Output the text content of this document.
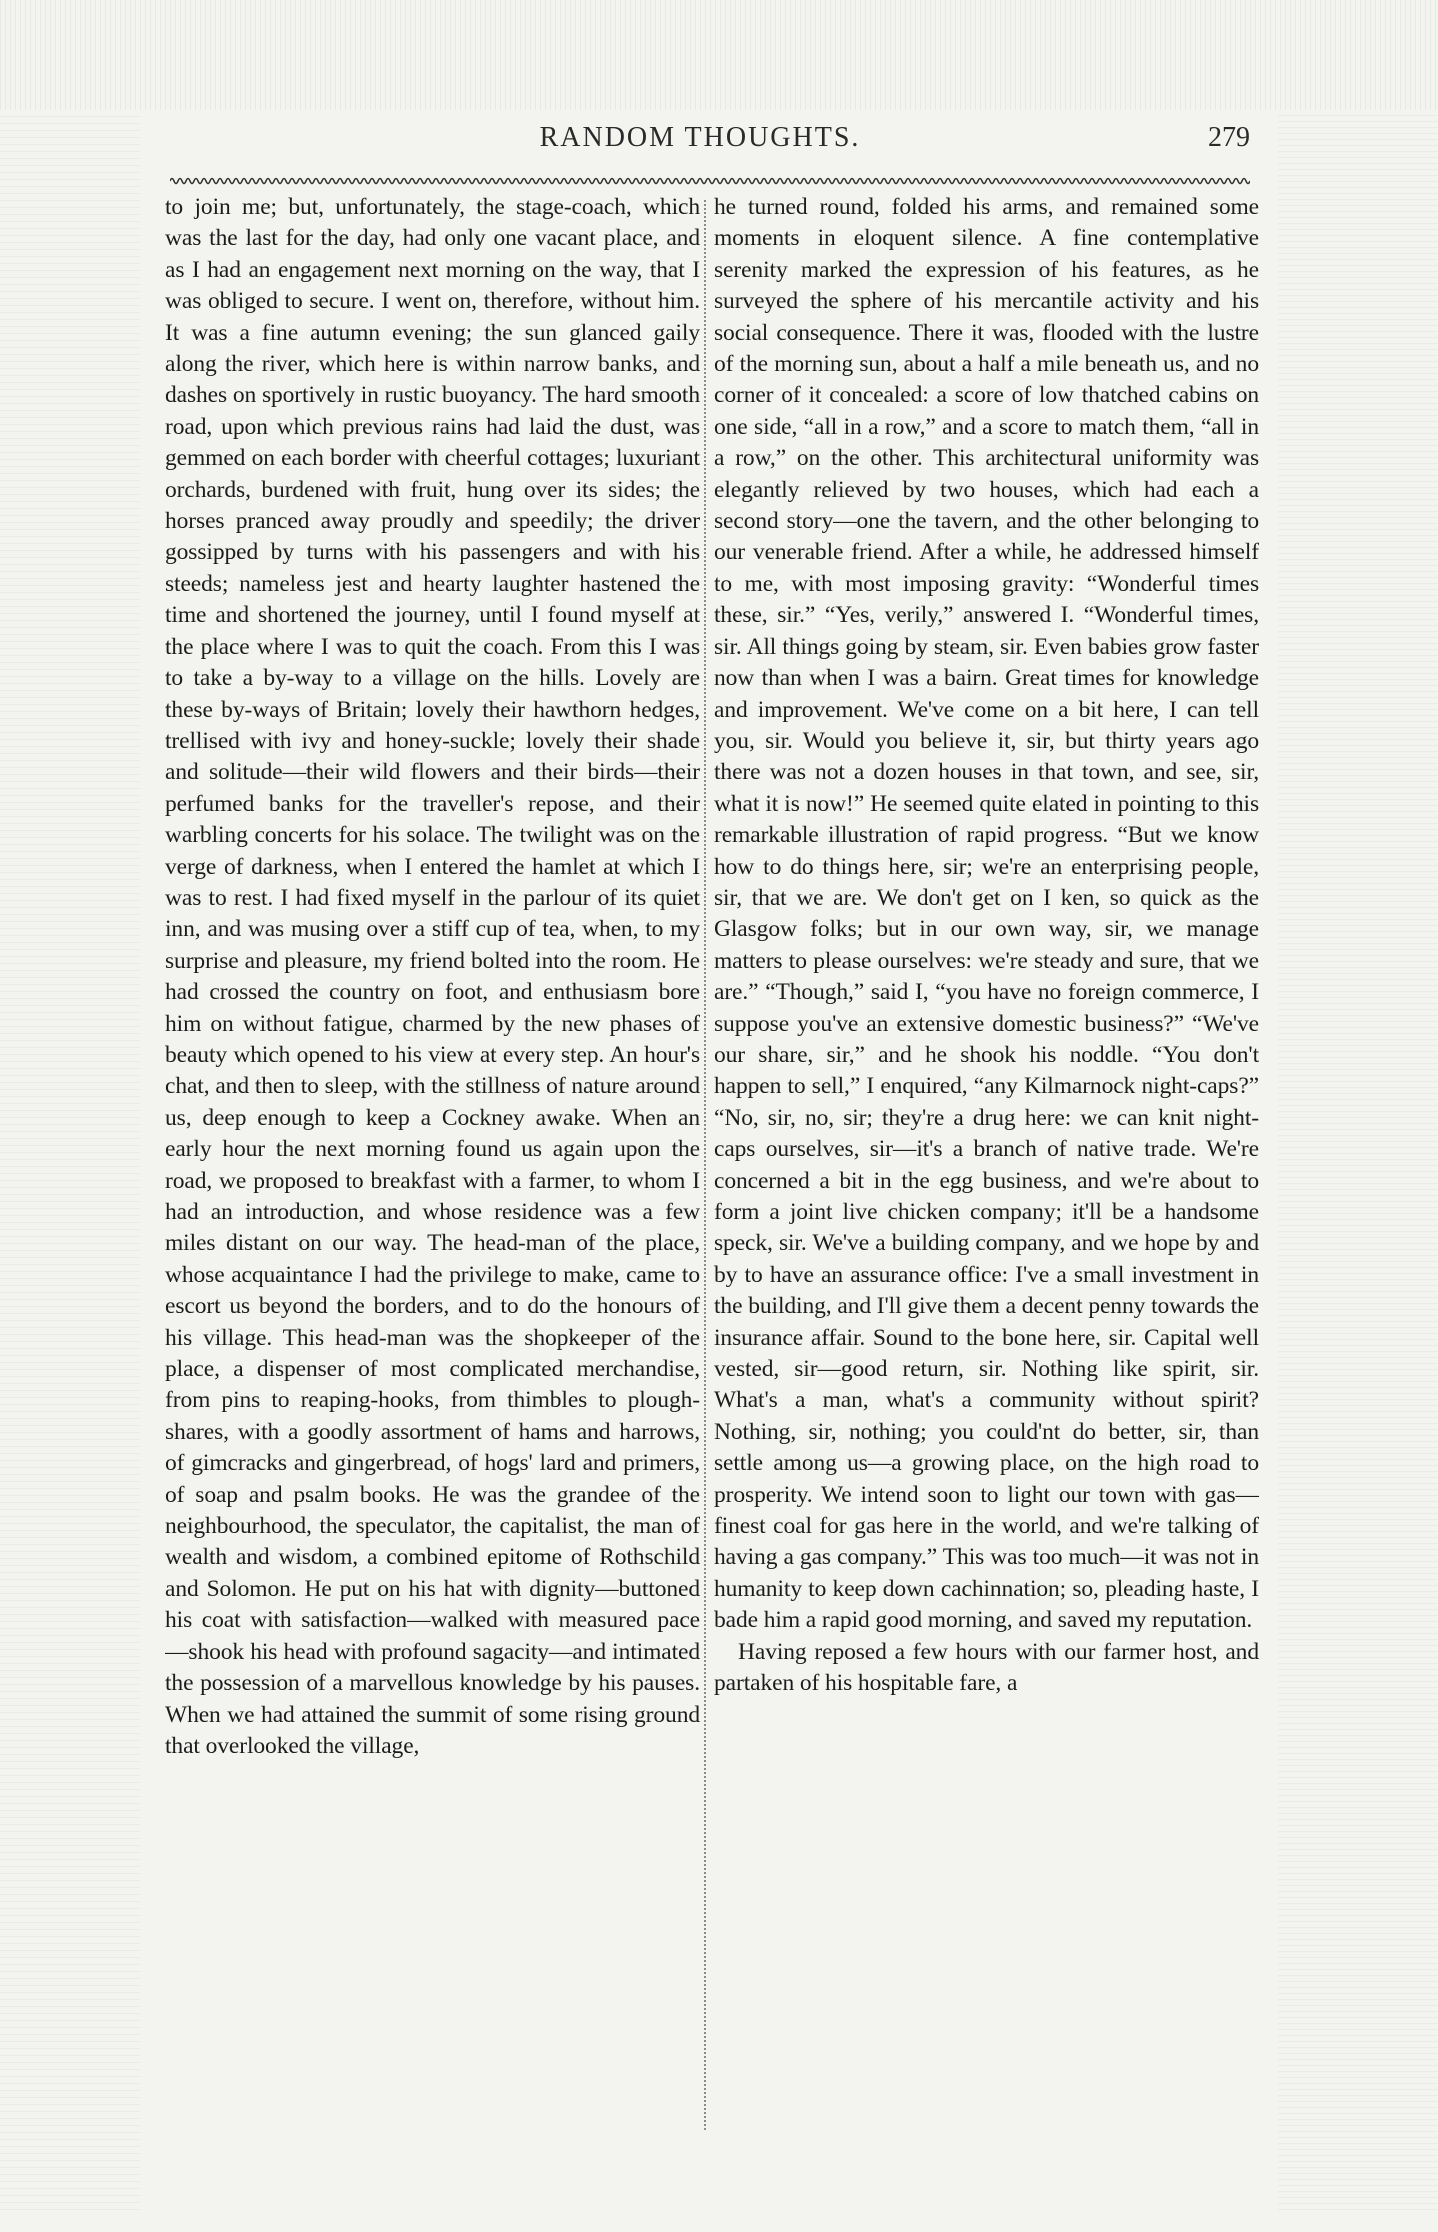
RANDOM THOUGHTS.	279

to join me; but, unfortunately, the stage-coach, which was the last for the day, had only one vacant place, and as I had an engagement next morning on the way, that I was obliged to secure. I went on, therefore, without him. It was a fine autumn evening; the sun glanced gaily along the river, which here is within narrow banks, and dashes on sportively in rustic buoyancy. The hard smooth road, upon which previous rains had laid the dust, was gemmed on each border with cheerful cottages; luxuriant orchards, burdened with fruit, hung over its sides; the horses pranced away proudly and speedily; the driver gossipped by turns with his passengers and with his steeds; nameless jest and hearty laughter hastened the time and shortened the journey, until I found myself at the place where I was to quit the coach. From this I was to take a by-way to a village on the hills. Lovely are these by-ways of Britain; lovely their hawthorn hedges, trellised with ivy and honey-suckle; lovely their shade and solitude—their wild flowers and their birds—their perfumed banks for the traveller's repose, and their warbling concerts for his solace. The twilight was on the verge of darkness, when I entered the hamlet at which I was to rest. I had fixed myself in the parlour of its quiet inn, and was musing over a stiff cup of tea, when, to my surprise and pleasure, my friend bolted into the room. He had crossed the country on foot, and enthusiasm bore him on without fatigue, charmed by the new phases of beauty which opened to his view at every step. An hour's chat, and then to sleep, with the stillness of nature around us, deep enough to keep a Cockney awake. When an early hour the next morning found us again upon the road, we proposed to breakfast with a farmer, to whom I had an introduction, and whose residence was a few miles distant on our way. The head-man of the place, whose acquaintance I had the privilege to make, came to escort us beyond the borders, and to do the honours of his village. This head-man was the shopkeeper of the place, a dispenser of most complicated merchandise, from pins to reaping-hooks, from thimbles to plough-shares, with a goodly assortment of hams and harrows, of gimcracks and gingerbread, of hogs' lard and primers, of soap and psalm books. He was the grandee of the neighbourhood, the speculator, the capitalist, the man of wealth and wisdom, a combined epitome of Rothschild and Solomon. He put on his hat with dignity—buttoned his coat with satisfaction—walked with measured pace—shook his head with profound sagacity—and intimated the possession of a marvellous knowledge by his pauses. When we had attained the summit of some rising ground that overlooked the village,

he turned round, folded his arms, and remained some moments in eloquent silence. A fine contemplative serenity marked the expression of his features, as he surveyed the sphere of his mercantile activity and his social consequence. There it was, flooded with the lustre of the morning sun, about a half a mile beneath us, and no corner of it concealed: a score of low thatched cabins on one side, “all in a row,” and a score to match them, “all in a row,” on the other. This architectural uniformity was elegantly relieved by two houses, which had each a second story—one the tavern, and the other belonging to our venerable friend. After a while, he addressed himself to me, with most imposing gravity: “Wonderful times these, sir.” “Yes, verily,” answered I. “Wonderful times, sir. All things going by steam, sir. Even babies grow faster now than when I was a bairn. Great times for knowledge and improvement. We've come on a bit here, I can tell you, sir. Would you believe it, sir, but thirty years ago there was not a dozen houses in that town, and see, sir, what it is now!” He seemed quite elated in pointing to this remarkable illustration of rapid progress. “But we know how to do things here, sir; we're an enterprising people, sir, that we are. We don't get on I ken, so quick as the Glasgow folks; but in our own way, sir, we manage matters to please ourselves: we're steady and sure, that we are.” “Though,” said I, “you have no foreign commerce, I suppose you've an extensive domestic business?” “We've our share, sir,” and he shook his noddle. “You don't happen to sell,” I enquired, “any Kilmarnock night-caps?” “No, sir, no, sir; they're a drug here: we can knit night-caps ourselves, sir—it's a branch of native trade. We're concerned a bit in the egg business, and we're about to form a joint live chicken company; it'll be a handsome speck, sir. We've a building company, and we hope by and by to have an assurance office: I've a small investment in the building, and I'll give them a decent penny towards the insurance affair. Sound to the bone here, sir. Capital well vested, sir—good return, sir. Nothing like spirit, sir. What's a man, what's a community without spirit? Nothing, sir, nothing; you could'nt do better, sir, than settle among us—a growing place, on the high road to prosperity. We intend soon to light our town with gas—finest coal for gas here in the world, and we're talking of having a gas company.” This was too much—it was not in humanity to keep down cachinnation; so, pleading haste, I bade him a rapid good morning, and saved my reputation.

Having reposed a few hours with our farmer host, and partaken of his hospitable fare, a
